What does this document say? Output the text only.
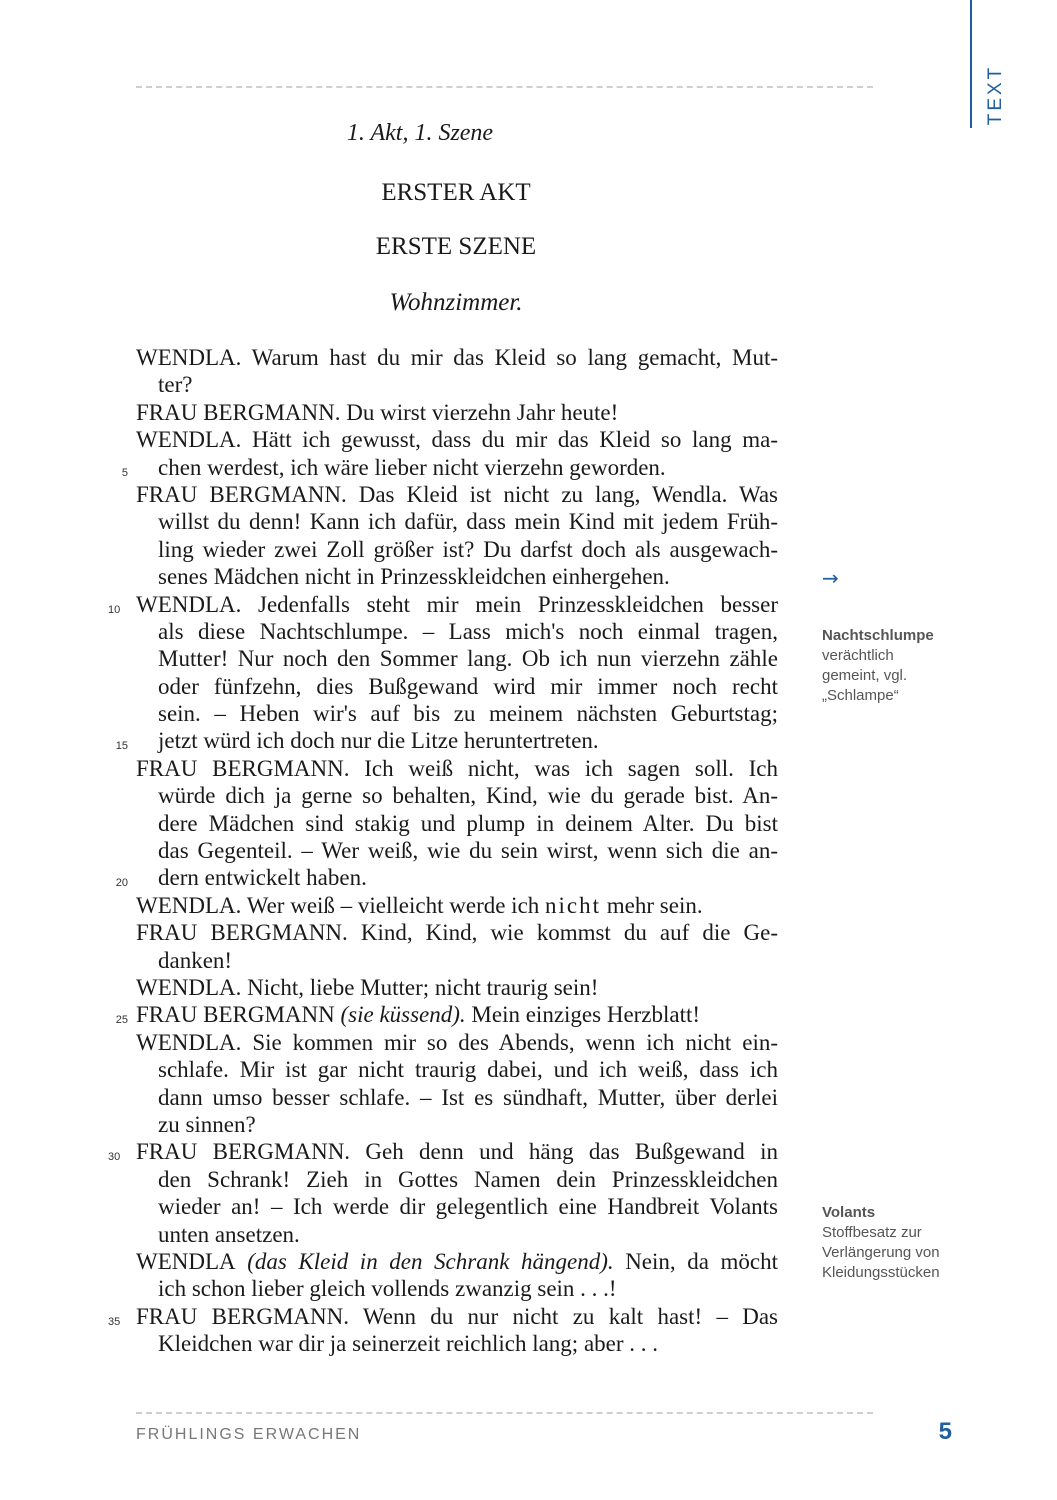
TEXT
1. Akt, 1. Szene
ERSTER AKT
ERSTE SZENE
Wohnzimmer.
WENDLA. Warum hast du mir das Kleid so lang gemacht, Mut-
ter?
FRAU BERGMANN. Du wirst vierzehn Jahr heute!
WENDLA. Hätt ich gewusst, dass du mir das Kleid so lang ma-
5 chen werdest, ich wäre lieber nicht vierzehn geworden.
FRAU BERGMANN. Das Kleid ist nicht zu lang, Wendla. Was
willst du denn! Kann ich dafür, dass mein Kind mit jedem Früh-
ling wieder zwei Zoll größer ist? Du darfst doch als ausgewach-
senes Mädchen nicht in Prinzesskleidchen einhergehen.
10 WENDLA. Jedenfalls steht mir mein Prinzesskleidchen besser
als diese Nachtschlumpe. – Lass mich's noch einmal tragen,
Mutter! Nur noch den Sommer lang. Ob ich nun vierzehn zähle
oder fünfzehn, dies Bußgewand wird mir immer noch recht
sein. – Heben wir's auf bis zu meinem nächsten Geburtstag;
15 jetzt würd ich doch nur die Litze heruntertreten.
FRAU BERGMANN. Ich weiß nicht, was ich sagen soll. Ich
würde dich ja gerne so behalten, Kind, wie du gerade bist. An-
dere Mädchen sind stakig und plump in deinem Alter. Du bist
das Gegenteil. – Wer weiß, wie du sein wirst, wenn sich die an-
20 dern entwickelt haben.
WENDLA. Wer weiß – vielleicht werde ich nicht mehr sein.
FRAU BERGMANN. Kind, Kind, wie kommst du auf die Ge-
danken!
WENDLA. Nicht, liebe Mutter; nicht traurig sein!
25 FRAU BERGMANN (sie küssend). Mein einziges Herzblatt!
WENDLA. Sie kommen mir so des Abends, wenn ich nicht ein-
schlafe. Mir ist gar nicht traurig dabei, und ich weiß, dass ich
dann umso besser schlafe. – Ist es sündhaft, Mutter, über derlei
zu sinnen?
30 FRAU BERGMANN. Geh denn und häng das Bußgewand in
den Schrank! Zieh in Gottes Namen dein Prinzesskleidchen
wieder an! – Ich werde dir gelegentlich eine Handbreit Volants
unten ansetzen.
WENDLA (das Kleid in den Schrank hängend). Nein, da möcht
ich schon lieber gleich vollends zwanzig sein . . .!
35 FRAU BERGMANN. Wenn du nur nicht zu kalt hast! – Das
Kleidchen war dir ja seinerzeit reichlich lang; aber . . .
→
Nachtschlumpe
verächtlich
gemeint, vgl.
„Schlampe“
Volants
Stoffbesatz zur
Verlängerung von
Kleidungsstücken
FRÜHLINGS ERWACHEN	5
